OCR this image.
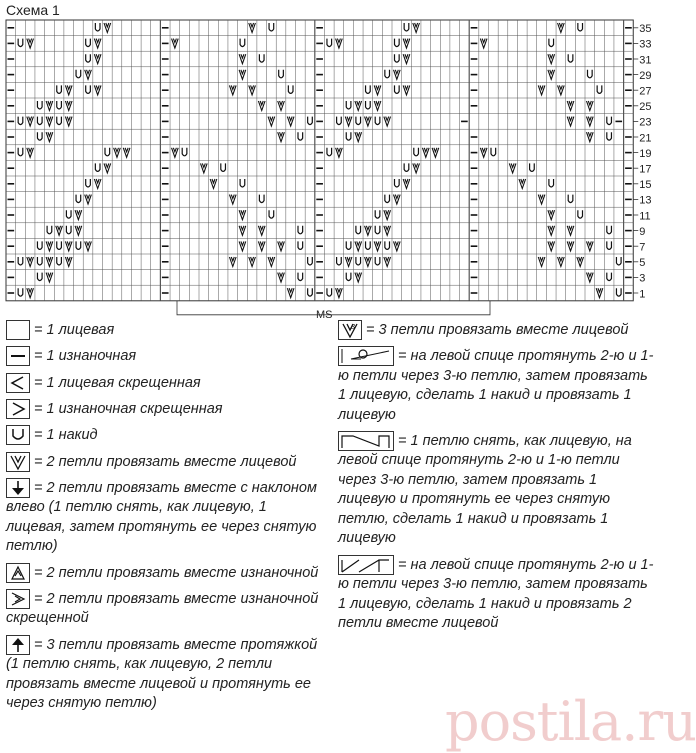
Схема 1
35
33
31
29
27
25
23
21
19
17
15
13
11
9
7
5
3
1
MS
= 1 лицевая
= 1 изнаночная
= 1 лицевая скрещенная
= 1 изнаночная скрещенная
= 1 накид
= 2 петли провязать вместе лицевой
= 2 петли провязать вместе с наклоном влево (1 петлю снять, как лицевую, 1 лицевая, затем протянуть ее через снятую петлю)
= 2 петли провязать вместе изнаночной
= 2 петли провязать вместе изнаночной скрещенной
= 3 петли провязать вместе протяжкой (1 петлю снять, как лицевую, 2 петли провязать вместе лицевой и протянуть ее через снятую петлю)
3 = 3 петли провязать вместе лицевой
= на левой спице протянуть 2-ю и 1-ю петли через 3-ю петлю, затем провязать 1 лицевую, сделать 1 накид и провязать 1 лицевую
= 1 петлю снять, как лицевую, на левой спице протянуть 2-ю и 1-ю петли через 3-ю петлю, затем провязать 1 лицевую и протянуть ее через снятую петлю, сделать 1 накид и провязать 1 лицевую
= на левой спице протянуть 2-ю и 1-ю петли через 3-ю петлю, затем провязать 1 лицевую, сделать 1 накид и провязать 2 петли вместе лицевой
postila.ru
